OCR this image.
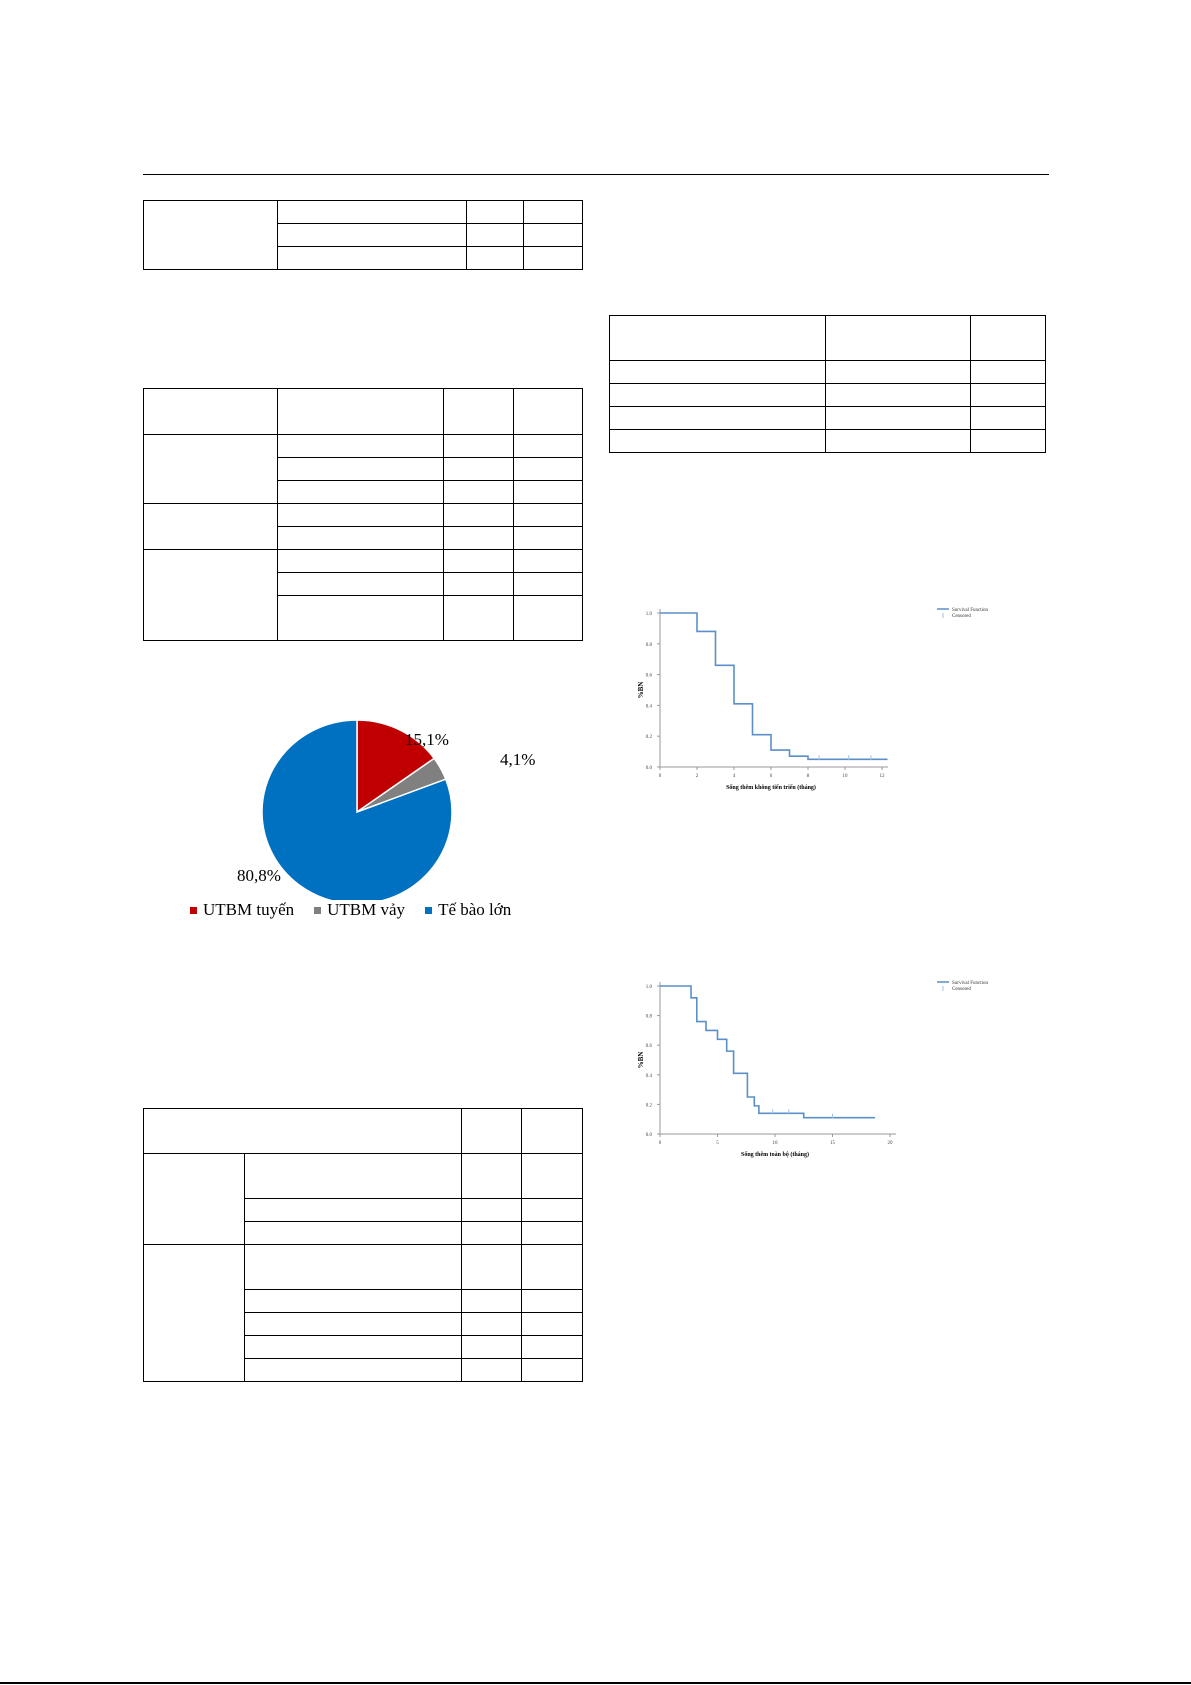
15,1%
4,1%
80,8%
UTBM tuyến UTBM vảy Tế bào lớn
0.0
0.2
0.4
0.6
0.8
1.0
0	2	4	6	8	10	12
%BN
Sống thêm không tiến triển (tháng)
Survival Function
Censored
0.0
0.2
0.4
0.6
0.8
1.0
0	5	10	15	20
%BN
Sống thêm toàn bộ (tháng)
Survival Function
Censored
